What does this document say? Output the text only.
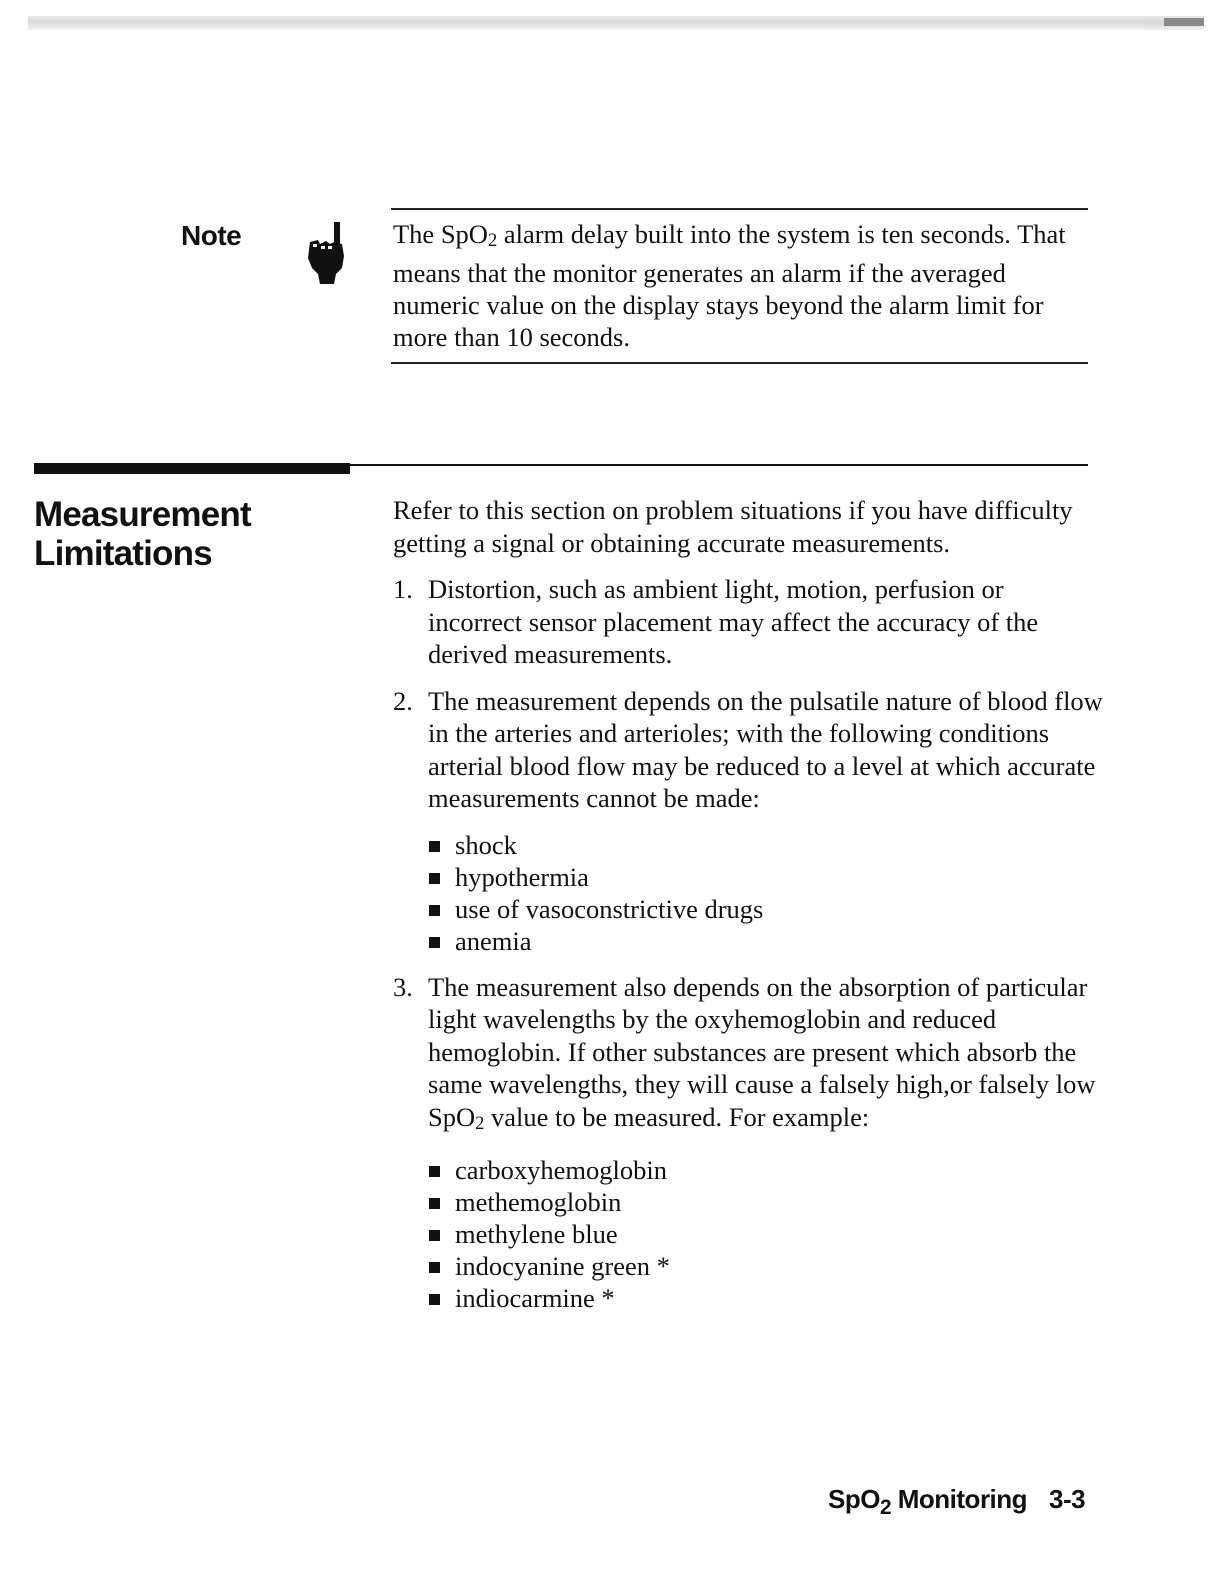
Note	The SpO$_2$ alarm delay built into the system is ten seconds. That means that the monitor generates an alarm if the averaged numeric value on the display stays beyond the alarm limit for more than 10 seconds.
Measurement
Limitations

Refer to this section on problem situations if you have difficulty getting a signal or obtaining accurate measurements.

1. Distortion, such as ambient light, motion, perfusion or incorrect sensor placement may affect the accuracy of the derived measurements.
2. The measurement depends on the pulsatile nature of blood flow in the arteries and arterioles; with the following conditions arterial blood flow may be reduced to a level at which accurate measurements cannot be made:
shock
hypothermia
use of vasoconstrictive drugs
anemia
3. The measurement also depends on the absorption of particular light wavelengths by the oxyhemoglobin and reduced hemoglobin. If other substances are present which absorb the same wavelengths, they will cause a falsely high,or falsely low SpO$_2$ value to be measured. For example:
carboxyhemoglobin
methemoglobin
methylene blue
indocyanine green *
indiocarmine *
SpO$_2$ Monitoring 3-3
